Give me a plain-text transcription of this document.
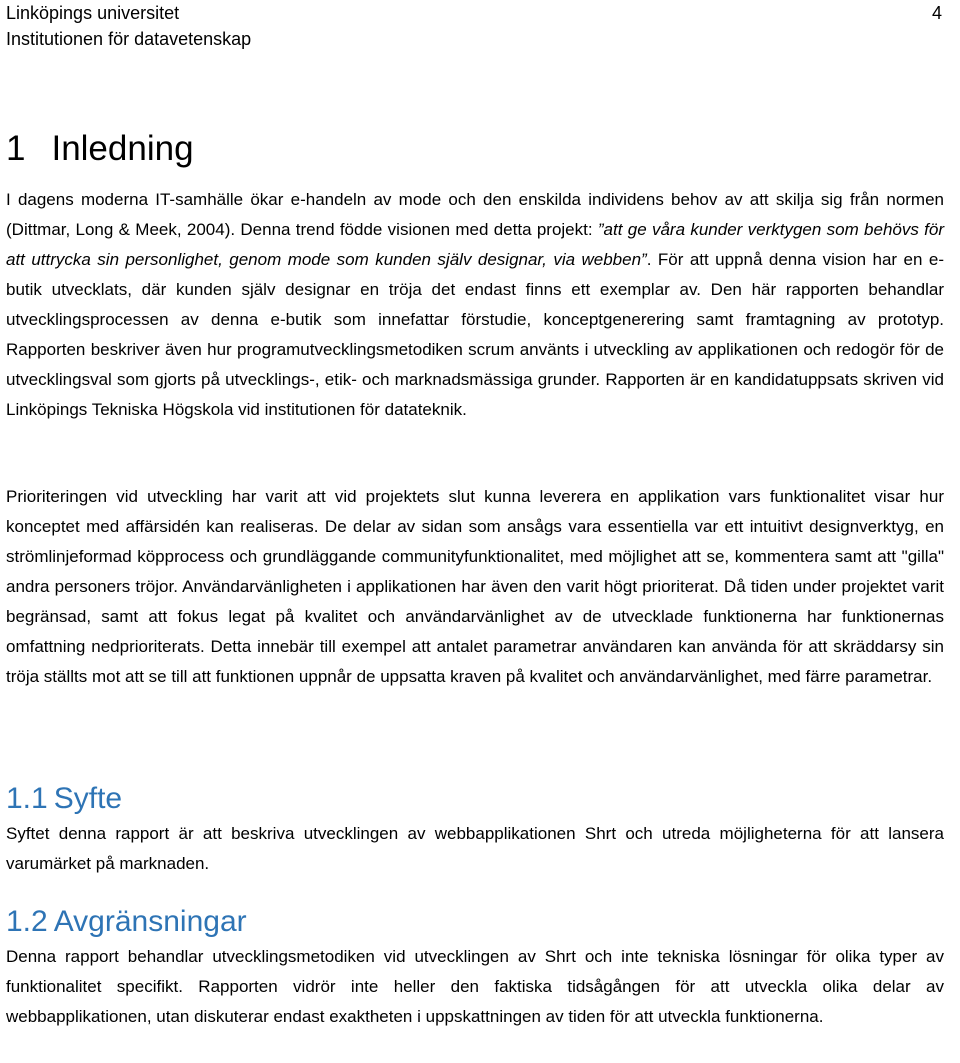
Linköpings universitet
Institutionen för datavetenskap
4
1 Inledning

I dagens moderna IT-samhälle ökar e-handeln av mode och den enskilda individens behov av att skilja sig från normen (Dittmar, Long & Meek, 2004). Denna trend födde visionen med detta projekt: ”att ge våra kunder verktygen som behövs för att uttrycka sin personlighet, genom mode som kunden själv designar, via webben”. För att uppnå denna vision har en e-butik utvecklats, där kunden själv designar en tröja det endast finns ett exemplar av. Den här rapporten behandlar utvecklingsprocessen av denna e-butik som innefattar förstudie, konceptgenerering samt framtagning av prototyp. Rapporten beskriver även hur programutvecklingsmetodiken scrum använts i utveckling av applikationen och redogör för de utvecklingsval som gjorts på utvecklings-, etik- och marknadsmässiga grunder. Rapporten är en kandidatuppsats skriven vid Linköpings Tekniska Högskola vid institutionen för datateknik.

Prioriteringen vid utveckling har varit att vid projektets slut kunna leverera en applikation vars funktionalitet visar hur konceptet med affärsidén kan realiseras. De delar av sidan som ansågs vara essentiella var ett intuitivt designverktyg, en strömlinjeformad köpprocess och grundläggande communityfunktionalitet, med möjlighet att se, kommentera samt att "gilla" andra personers tröjor. Användarvänligheten i applikationen har även den varit högt prioriterat. Då tiden under projektet varit begränsad, samt att fokus legat på kvalitet och användarvänlighet av de utvecklade funktionerna har funktionernas omfattning nedprioriterats. Detta innebär till exempel att antalet parametrar användaren kan använda för att skräddarsy sin tröja ställts mot att se till att funktionen uppnår de uppsatta kraven på kvalitet och användarvänlighet, med färre parametrar.

1.1 Syfte

Syftet denna rapport är att beskriva utvecklingen av webbapplikationen Shrt och utreda möjligheterna för att lansera varumärket på marknaden.

1.2 Avgränsningar

Denna rapport behandlar utvecklingsmetodiken vid utvecklingen av Shrt och inte tekniska lösningar för olika typer av funktionalitet specifikt. Rapporten vidrör inte heller den faktiska tidsågången för att utveckla olika delar av webbapplikationen, utan diskuterar endast exaktheten i uppskattningen av tiden för att utveckla funktionerna.
